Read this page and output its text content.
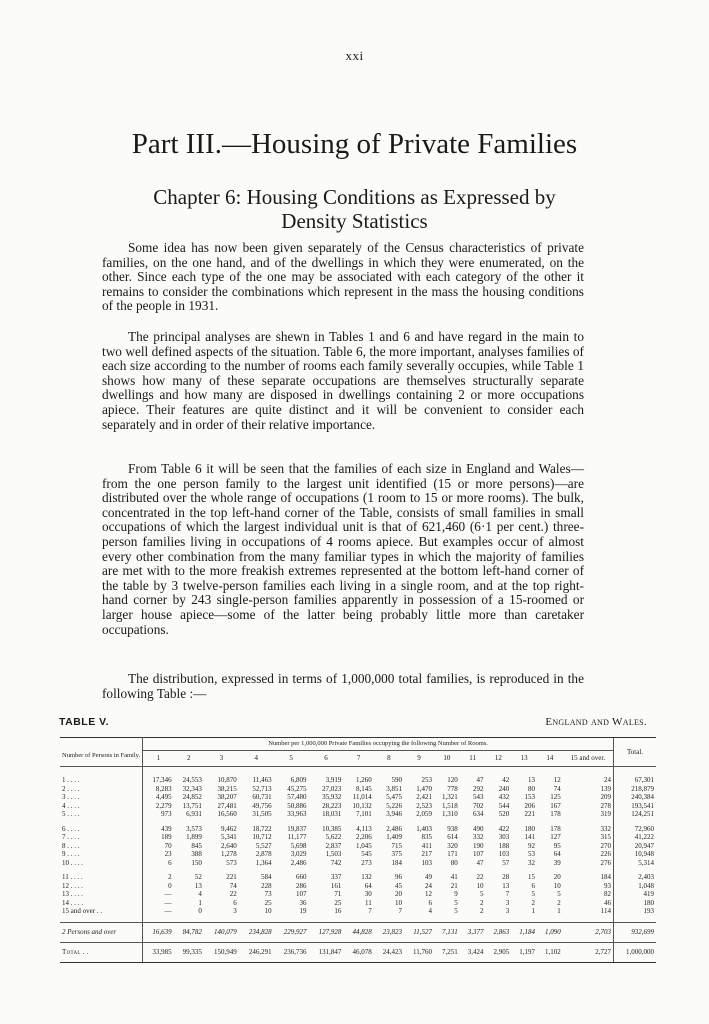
xxi
Part III.—Housing of Private Families
Chapter 6: Housing Conditions as Expressed by
Density Statistics

Some idea has now been given separately of the Census characteristics of private families, on the one hand, and of the dwellings in which they were enumerated, on the other. Since each type of the one may be associated with each category of the other it remains to consider the combinations which represent in the mass the housing conditions of the people in 1931.

The principal analyses are shewn in Tables 1 and 6 and have regard in the main to two well defined aspects of the situation. Table 6, the more important, analyses families of each size according to the number of rooms each family severally occupies, while Table 1 shows how many of these separate occupations are themselves structurally separate dwellings and how many are disposed in dwellings containing 2 or more occupations apiece. Their features are quite distinct and it will be convenient to consider each separately and in order of their relative importance.

From Table 6 it will be seen that the families of each size in England and Wales—from the one person family to the largest unit identified (15 or more persons)—are distributed over the whole range of occupations (1 room to 15 or more rooms). The bulk, concentrated in the top left-hand corner of the Table, consists of small families in small occupations of which the largest individual unit is that of 621,460 (6·1 per cent.) three-person families living in occupations of 4 rooms apiece. But examples occur of almost every other combination from the many familiar types in which the majority of families are met with to the more freakish extremes represented at the bottom left-hand corner of the table by 3 twelve-person families each living in a single room, and at the top right-hand corner by 243 single-person families apparently in possession of a 15-roomed or larger house apiece—some of the latter being probably little more than caretaker occupations.

The distribution, expressed in terms of 1,000,000 total families, is reproduced in the following Table :—

TABLE V.	England and Wales.
Number of Persons in Family.	Number per 1,000,000 Private Families occupying the following Number of Rooms.															Total.
	1	2	3	4	5	6	7	8	9	10	11	12	13	14	15 and over.	
1 . . . .	17,346	24,553	10,870	11,463	6,809	3,919	1,260	590	253	120	47	42	13	12	24	67,301
2 . . . .	8,283	32,343	38,215	52,713	45,275	27,023	8,145	3,851	1,470	778	292	240	80	74	139	218,879
3 . . . .	4,495	24,852	38,207	60,731	57,480	35,932	11,014	5,475	2,421	1,321	543	432	153	125	209	240,384
4 . . . .	2,279	13,751	27,481	49,756	50,886	28,223	10,132	5,226	2,523	1,518	702	544	206	167	278	193,541
5 . . . .	973	6,931	16,560	31,505	33,963	18,031	7,101	3,946	2,059	1,310	634	520	221	178	319	124,251

6 . . . .	439	3,573	9,462	18,722	19,837	10,385	4,113	2,486	1,403	938	490	422	180	178	332	72,960
7 . . . .	189	1,899	5,341	10,712	11,177	5,622	2,206	1,409	835	614	332	303	141	127	315	41,222
8 . . . .	70	845	2,640	5,527	5,698	2,837	1,045	715	411	320	190	188	92	95	270	20,947
9 . . . .	23	388	1,278	2,878	3,029	1,503	545	375	217	171	107	103	53	64	226	10,948
10 . . . .	6	150	573	1,364	2,486	742	273	184	103	80	47	57	32	39	276	5,314

11 . . . .	2	52	221	584	660	337	132	96	49	41	22	28	15	20	184	2,403
12 . . . .	0	13	74	228	286	161	64	45	24	21	10	13	6	10	93	1,048
13 . . . .	—	4	22	73	107	71	30	20	12	9	5	7	5	5	82	419
14 . . . .	—	1	6	25	36	25	11	10	6	5	2	3	2	2	46	180
15 and over . .	—	0	3	10	19	16	7	7	4	5	2	3	1	1	114	193

2 Persons and over	16,639	84,782	140,079	234,828	229,927	127,928	44,828	23,823	11,527	7,131	3,377	2,863	1,184	1,090	2,703	932,699
Total . .	33,985	99,335	150,949	246,291	236,736	131,847	46,078	24,423	11,760	7,251	3,424	2,905	1,197	1,102	2,727	1,000,000
